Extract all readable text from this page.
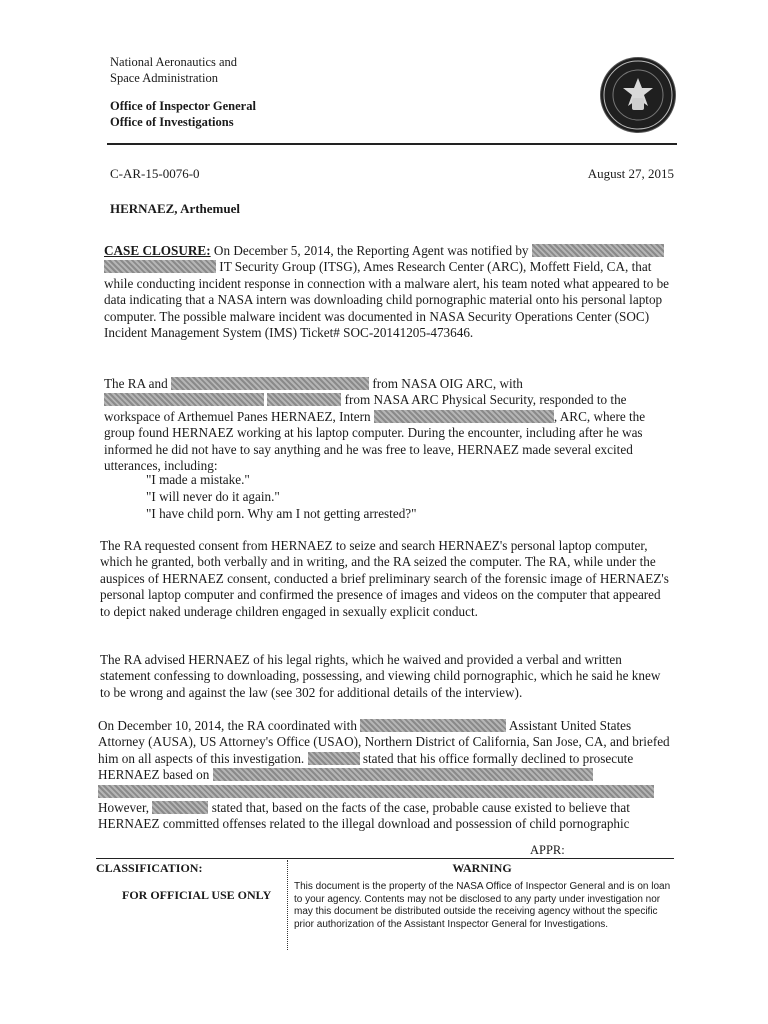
National Aeronautics and
Space Administration
Office of Inspector General
Office of Investigations
C-AR-15-0076-0	August 27, 2015
HERNAEZ, Arthemuel
CASE CLOSURE: On December 5, 2014, the Reporting Agent was notified by   IT Security Group (ITSG), Ames Research Center (ARC), Moffett Field, CA, that while conducting incident response in connection with a malware alert, his team noted what appeared to be data indicating that a NASA intern was downloading child pornographic material onto his personal laptop computer. The possible malware incident was documented in NASA Security Operations Center (SOC) Incident Management System (IMS) Ticket# SOC-20141205-473646.
The RA and	from NASA OIG ARC, with   from NASA ARC Physical Security, responded to the workspace of Arthemuel Panes HERNAEZ, Intern	, ARC, where the group found HERNAEZ working at his laptop computer. During the encounter, including after he was informed he did not have to say anything and he was free to leave, HERNAEZ made several excited utterances, including:
"I made a mistake."
"I will never do it again."
"I have child porn. Why am I not getting arrested?"
The RA requested consent from HERNAEZ to seize and search HERNAEZ's personal laptop computer, which he granted, both verbally and in writing, and the RA seized the computer. The RA, while under the auspices of HERNAEZ consent, conducted a brief preliminary search of the forensic image of HERNAEZ's personal laptop computer and confirmed the presence of images and videos on the computer that appeared to depict naked underage children engaged in sexually explicit conduct.
The RA advised HERNAEZ of his legal rights, which he waived and provided a verbal and written statement confessing to downloading, possessing, and viewing child pornographic, which he said he knew to be wrong and against the law (see 302 for additional details of the interview).
On December 10, 2014, the RA coordinated with	Assistant United States Attorney (AUSA), US Attorney's Office (USAO), Northern District of California, San Jose, CA, and briefed him on all aspects of this investigation.	stated that his office formally declined to prosecute HERNAEZ based on
However,	stated that, based on the facts of the case, probable cause existed to believe that HERNAEZ committed offenses related to the illegal download and possession of child pornographic
APPR:
CLASSIFICATION:
FOR OFFICIAL USE ONLY
WARNING
This document is the property of the NASA Office of Inspector General and is on loan to your agency. Contents may not be disclosed to any party under investigation nor may this document be distributed outside the receiving agency without the specific prior authorization of the Assistant Inspector General for Investigations.
